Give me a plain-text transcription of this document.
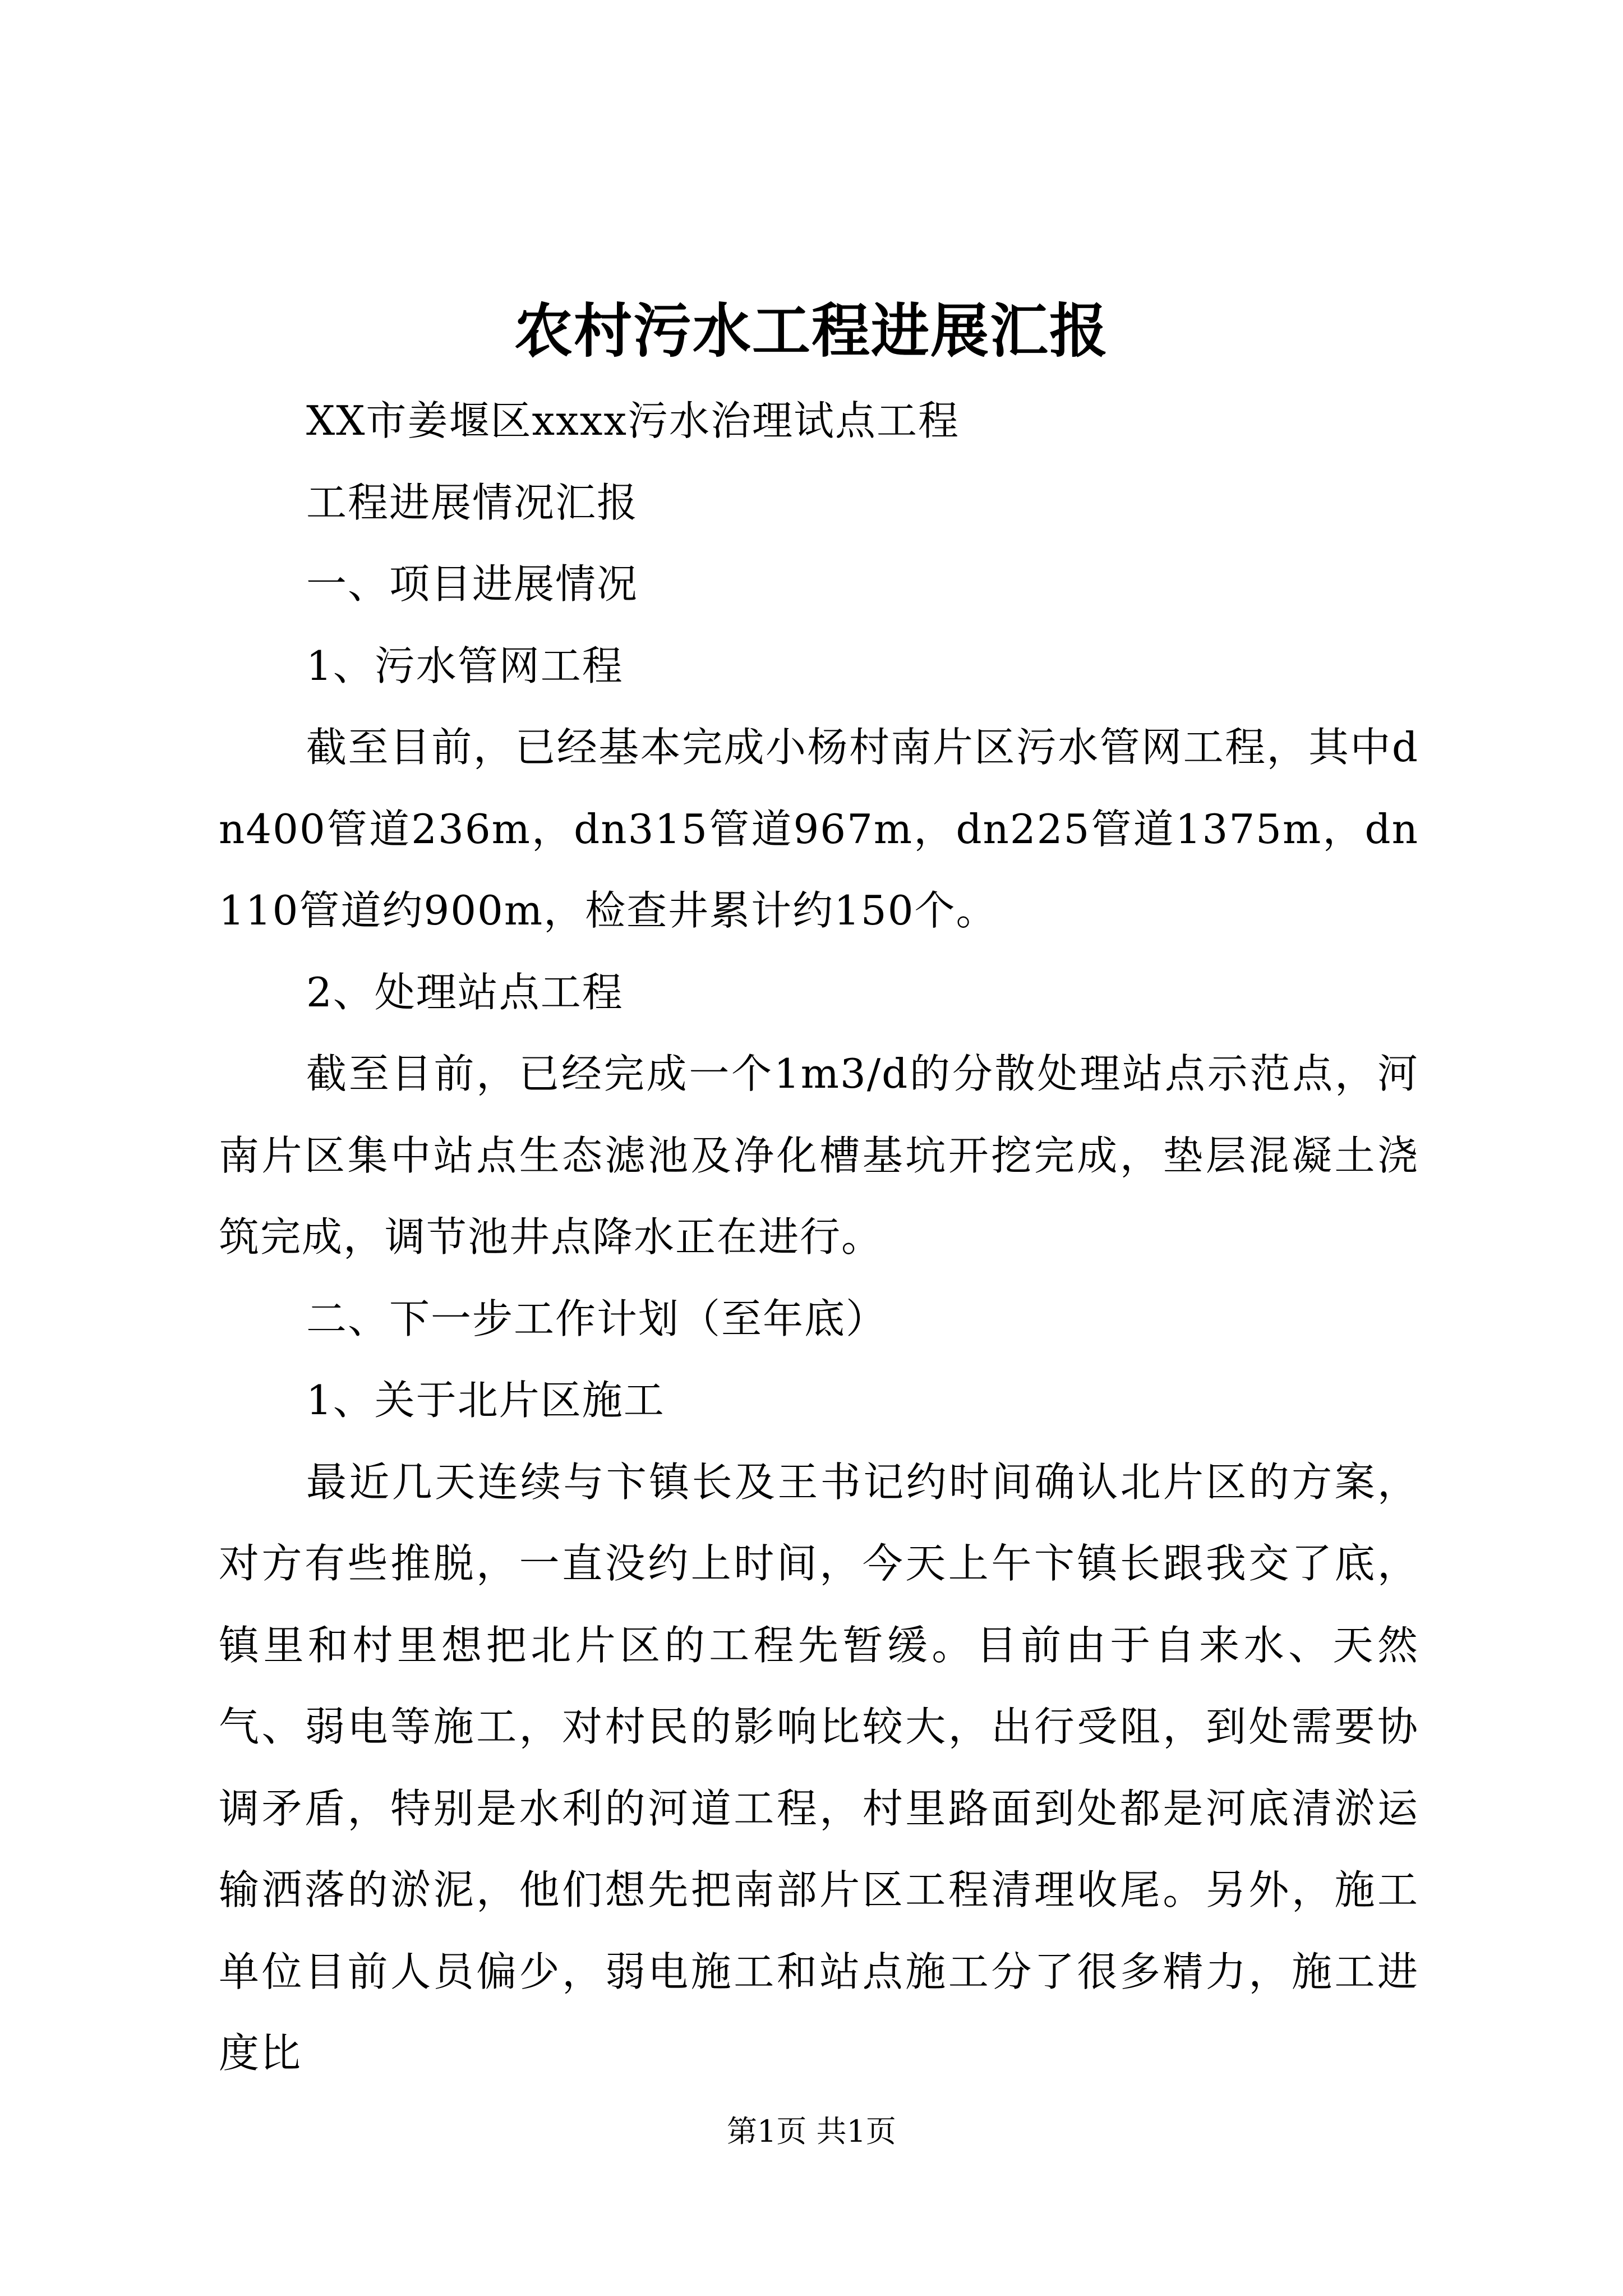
农村污水工程进展汇报

XX市姜堰区xxxx污水治理试点工程

工程进展情况汇报

一、项目进展情况

1、污水管网工程

截至目前，已经基本完成小杨村南片区污水管网工程，其中dn400管道236m，dn315管道967m，dn225管道1375m，dn110管道约900m，检查井累计约150个。

2、处理站点工程

截至目前，已经完成一个1m3/d的分散处理站点示范点，河南片区集中站点生态滤池及净化槽基坑开挖完成，垫层混凝土浇筑完成，调节池井点降水正在进行。

二、下一步工作计划（至年底）

1、关于北片区施工

最近几天连续与卞镇长及王书记约时间确认北片区的方案，对方有些推脱，一直没约上时间，今天上午卞镇长跟我交了底，镇里和村里想把北片区的工程先暂缓。目前由于自来水、天然气、弱电等施工，对村民的影响比较大，出行受阻，到处需要协调矛盾，特别是水利的河道工程，村里路面到处都是河底清淤运输洒落的淤泥，他们想先把南部片区工程清理收尾。另外，施工单位目前人员偏少，弱电施工和站点施工分了很多精力，施工进度比

第1页 共1页
